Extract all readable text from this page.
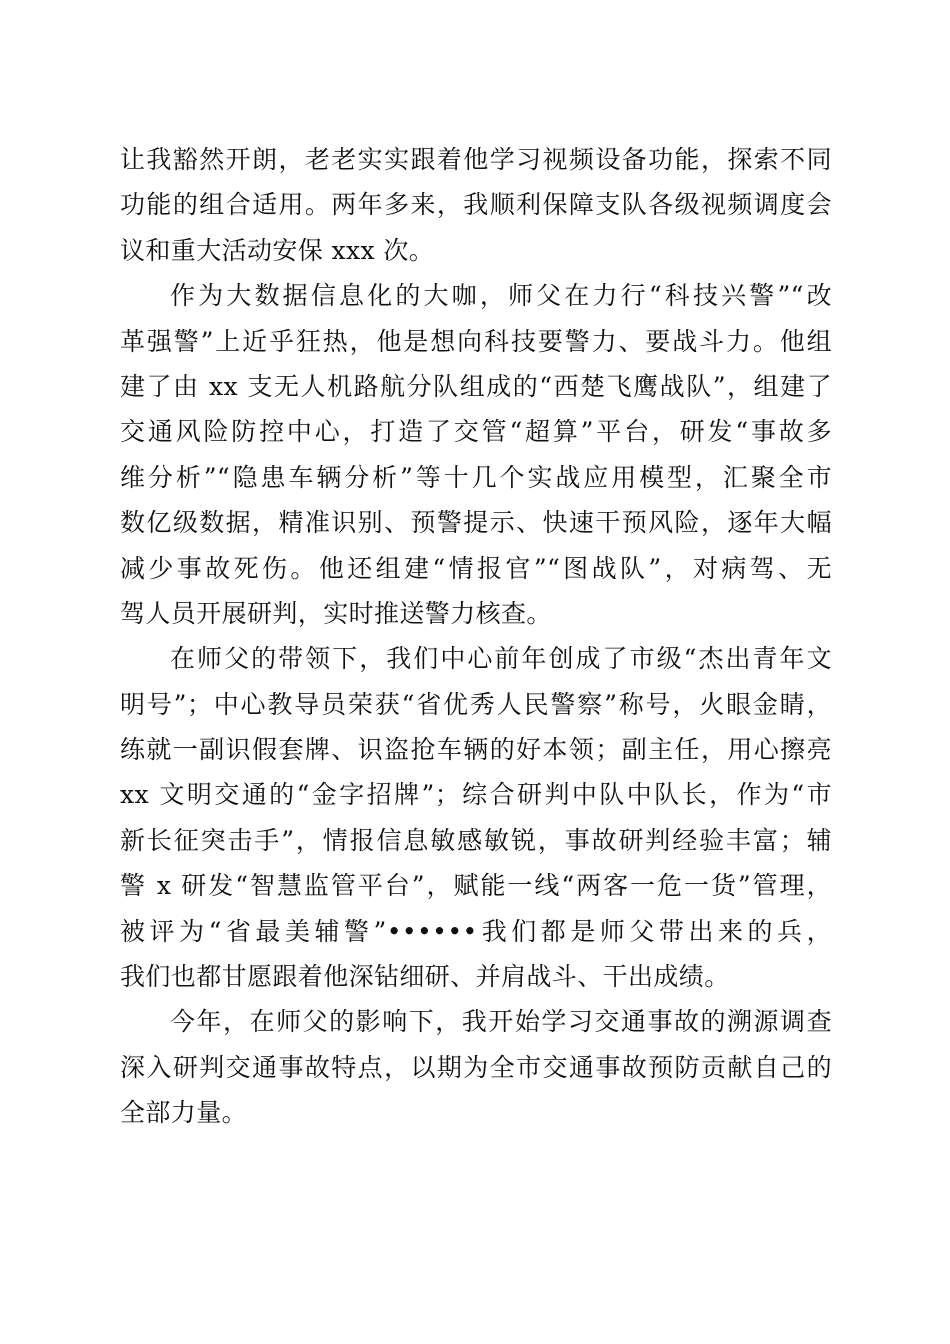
让我豁然开朗，老老实实跟着他学习视频设备功能，探索不同
功能的组合适用。两年多来，我顺利保障支队各级视频调度会
议和重大活动安保 xxx 次。

作为大数据信息化的大咖，师父在力行“科技兴警”“改
革强警”上近乎狂热，他是想向科技要警力、要战斗力。他组
建了由 xx 支无人机路航分队组成的“西楚飞鹰战队”，组建了
交通风险防控中心，打造了交管“超算”平台，研发“事故多
维分析”“隐患车辆分析”等十几个实战应用模型，汇聚全市
数亿级数据，精准识别、预警提示、快速干预风险，逐年大幅
减少事故死伤。他还组建“情报官”“图战队”，对病驾、无
驾人员开展研判，实时推送警力核查。

在师父的带领下，我们中心前年创成了市级“杰出青年文
明号”；中心教导员荣获“省优秀人民警察”称号，火眼金睛，
练就一副识假套牌、识盗抢车辆的好本领；副主任，用心擦亮
xx 文明交通的“金字招牌”；综合研判中队中队长，作为“市
新长征突击手”，情报信息敏感敏锐，事故研判经验丰富；辅
警 x 研发“智慧监管平台”，赋能一线“两客一危一货”管理，
被评为“省最美辅警”••••••我们都是师父带出来的兵，
我们也都甘愿跟着他深钻细研、并肩战斗、干出成绩。

今年，在师父的影响下，我开始学习交通事故的溯源调查
深入研判交通事故特点，以期为全市交通事故预防贡献自己的
全部力量。
